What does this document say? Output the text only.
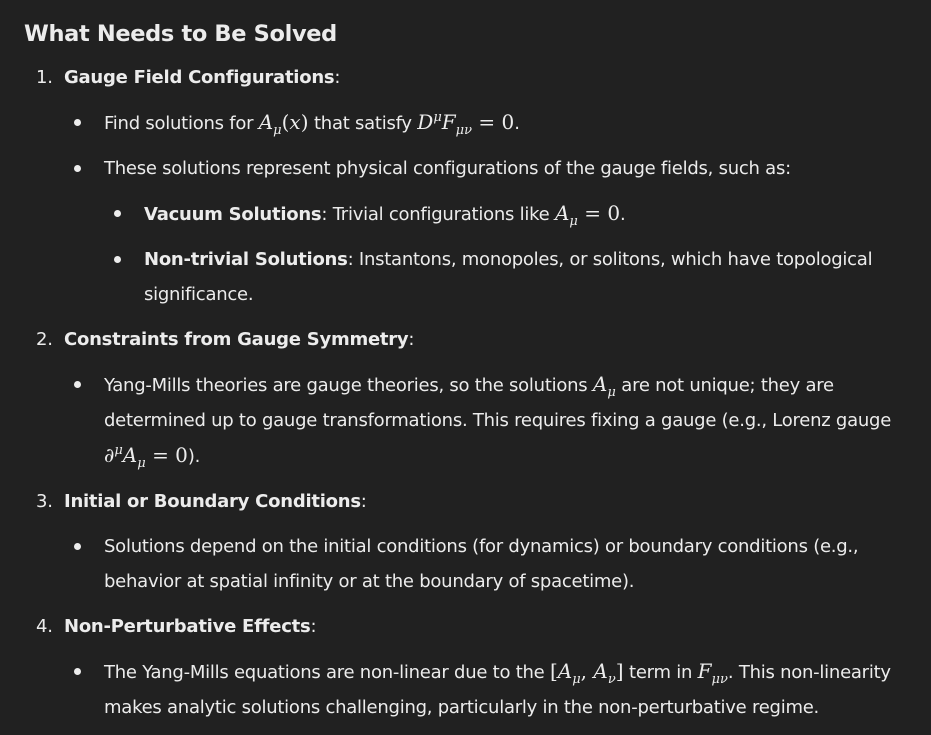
What Needs to Be Solved
1. Gauge Field Configurations:
Find solutions for $A_\mu(x)$ that satisfy $D^\mu F_{\mu\nu} = 0$.
These solutions represent physical configurations of the gauge fields, such as:
Vacuum Solutions: Trivial configurations like $A_\mu = 0$.
Non-trivial Solutions: Instantons, monopoles, or solitons, which have topological significance.
2. Constraints from Gauge Symmetry:
Yang-Mills theories are gauge theories, so the solutions $A_\mu$ are not unique; they are determined up to gauge transformations. This requires fixing a gauge (e.g., Lorenz gauge $\partial^\mu A_\mu = 0$).
3. Initial or Boundary Conditions:
Solutions depend on the initial conditions (for dynamics) or boundary conditions (e.g., behavior at spatial infinity or at the boundary of spacetime).
4. Non-Perturbative Effects:
The Yang-Mills equations are non-linear due to the [$A_\mu$, $A_\nu$] term in $F_{\mu\nu}$. This non-linearity makes analytic solutions challenging, particularly in the non-perturbative regime.
